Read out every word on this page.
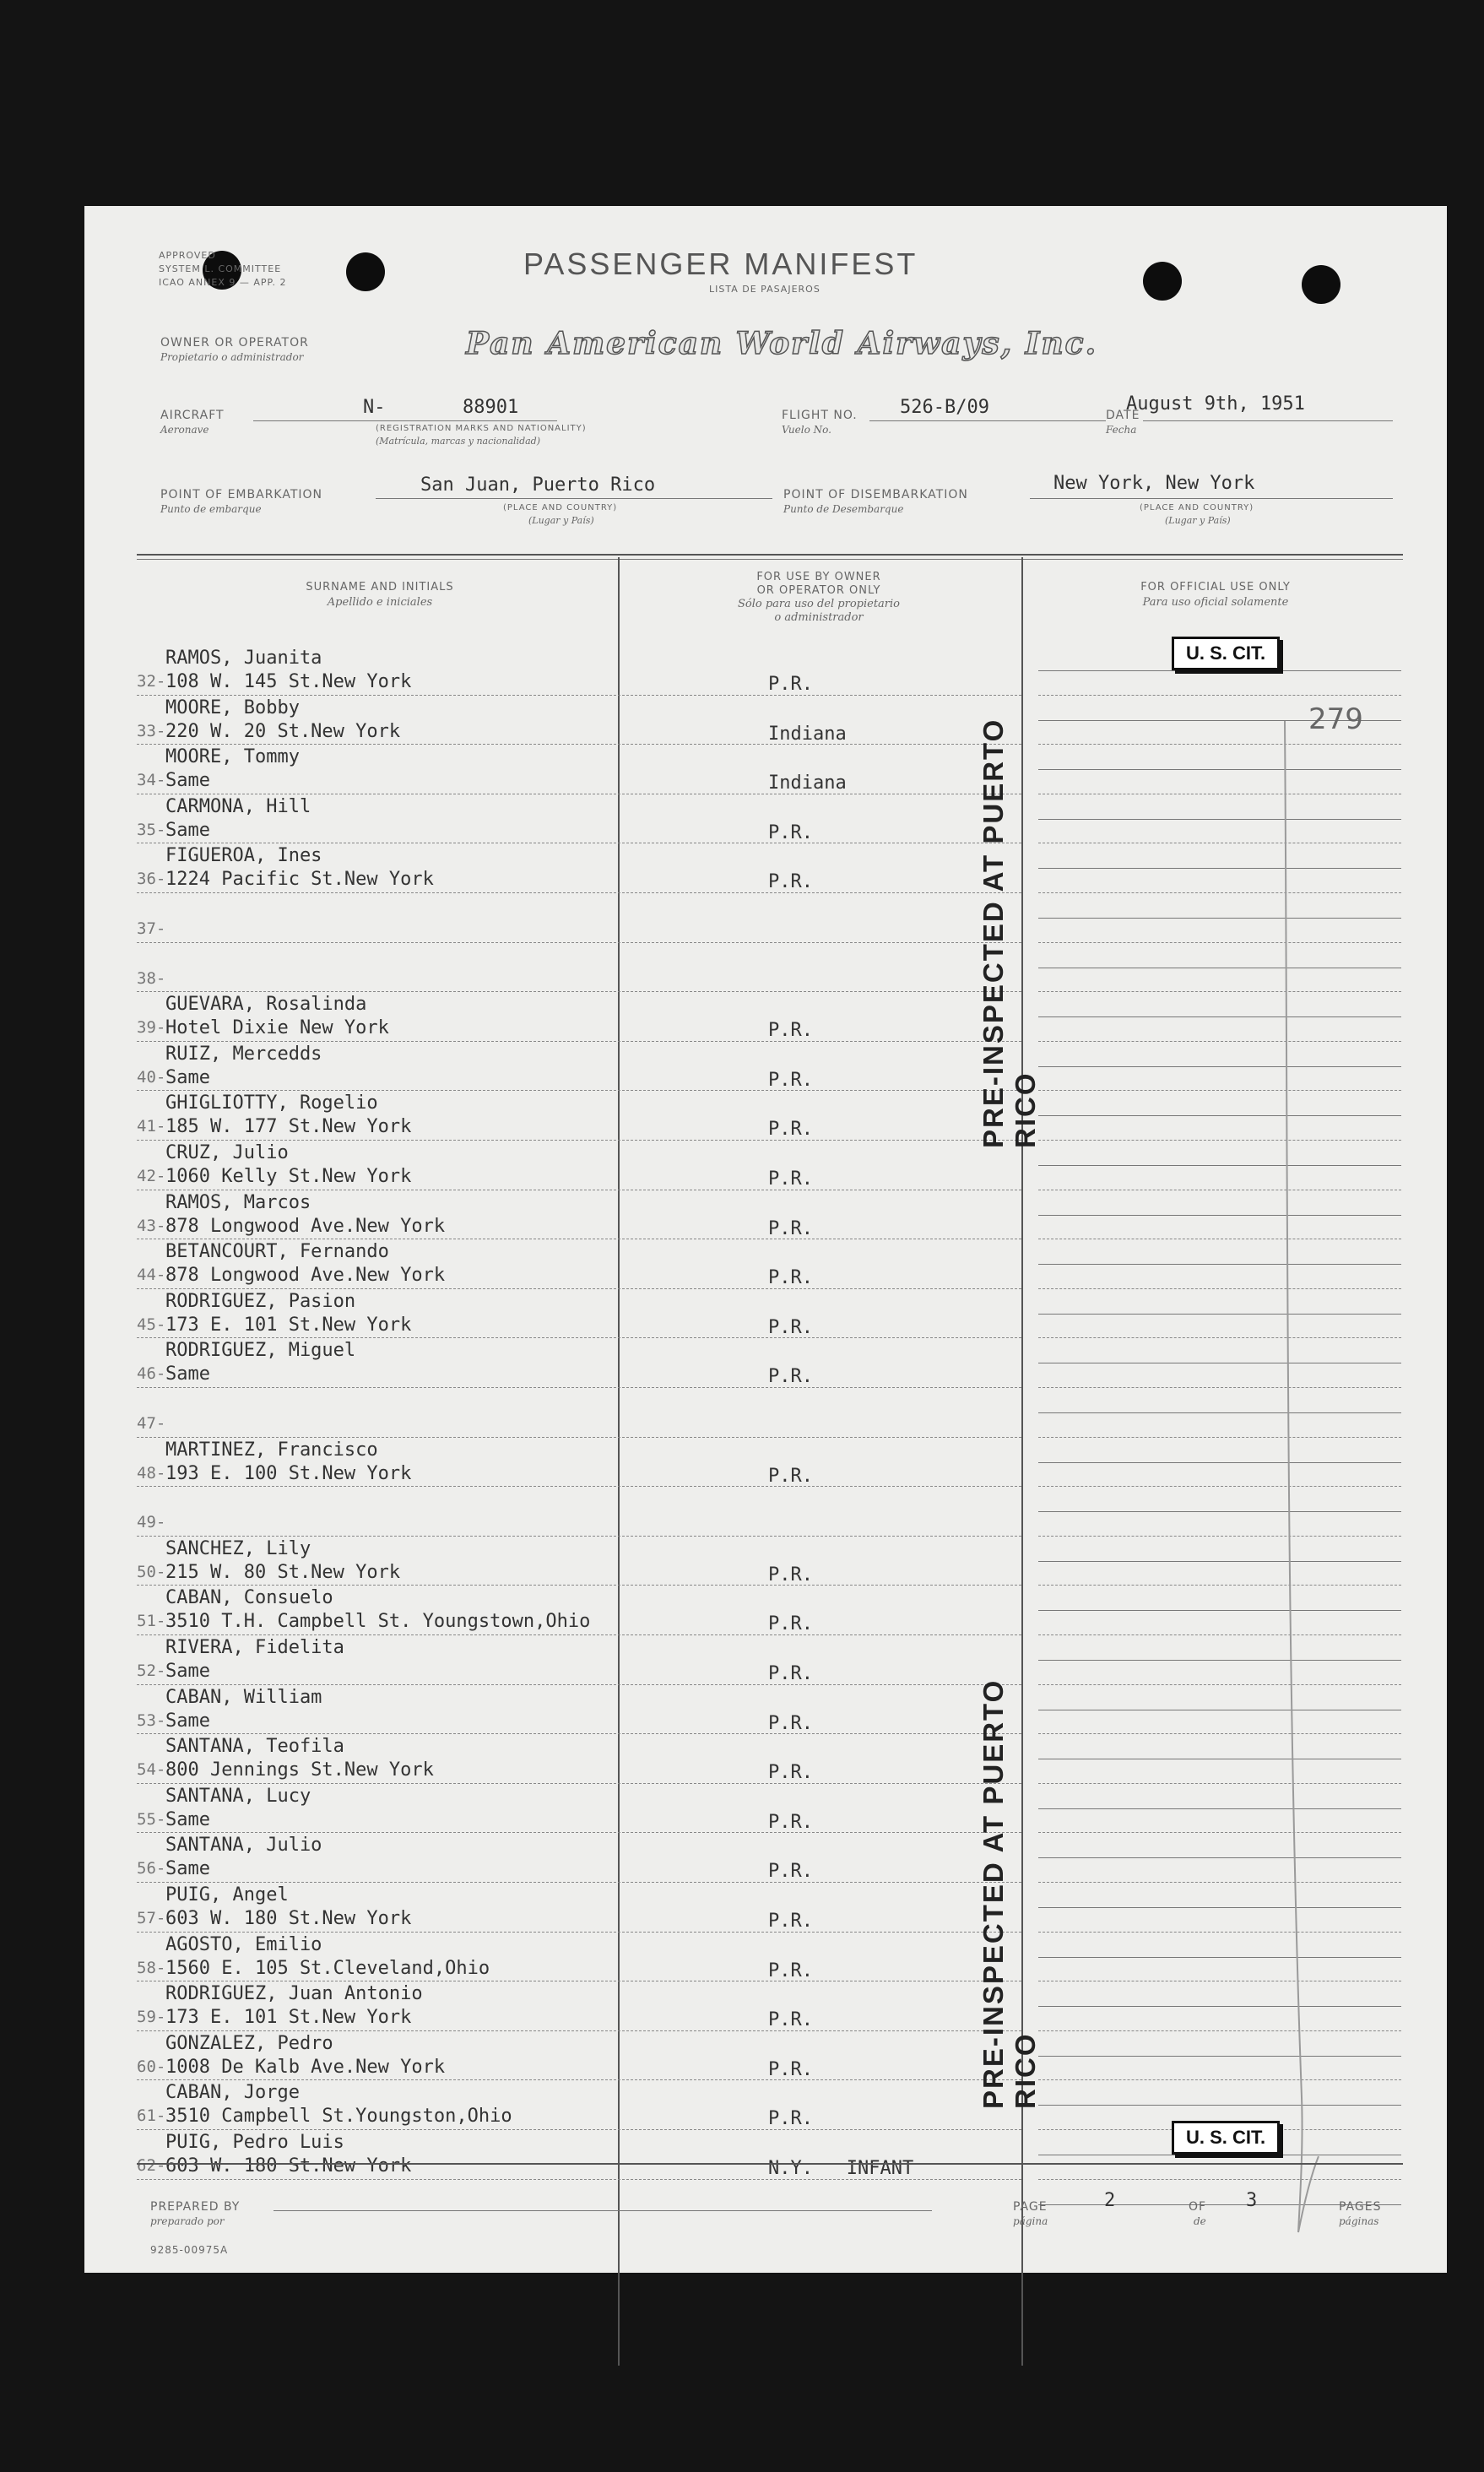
APPROVED
SYSTEM L. COMMITTEE
ICAO ANNEX 9 — APP. 2
PASSENGER MANIFEST
LISTA DE PASAJEROS
OWNER OR OPERATOR
Propietario o administrador	Pan American World Airways, Inc.
AIRCRAFT
Aeronave
N-	88901
(REGISTRATION MARKS AND NATIONALITY)
(Matrícula, marcas y nacionalidad)
FLIGHT NO.
Vuelo No.
526-B/09	DATE
Fecha
August 9th, 1951
POINT OF EMBARKATION
Punto de embarque
San Juan, Puerto Rico
(PLACE AND COUNTRY)
(Lugar y País)
POINT OF DISEMBARKATION
Punto de Desembarque
New York, New York
(PLACE AND COUNTRY)
(Lugar y País)
SURNAME AND INITIALS
Apellido e iniciales
FOR USE BY OWNER
OR OPERATOR ONLY
Sólo para uso del propietario
o administrador
FOR OFFICIAL USE ONLY
Para uso oficial solamente
32-
RAMOS, Juanita
108 W. 145 St.New York	P.R.
33-
MOORE, Bobby
220 W. 20 St.New York	Indiana
34-
MOORE, Tommy
Same	Indiana
35-
CARMONA, Hill
Same	P.R.
36-
FIGUEROA, Ines
1224 Pacific St.New York	P.R.
37-
38-
39-
GUEVARA, Rosalinda
Hotel Dixie New York	P.R.
40-
RUIZ, Mercedds
Same	P.R.
41-
GHIGLIOTTY, Rogelio
185 W. 177 St.New York	P.R.
42-
CRUZ, Julio
1060 Kelly St.New York	P.R.
43-
RAMOS, Marcos
878 Longwood Ave.New York	P.R.
44-
BETANCOURT, Fernando
878 Longwood Ave.New York	P.R.
45-
RODRIGUEZ, Pasion
173 E. 101 St.New York	P.R.
46-
RODRIGUEZ, Miguel
Same	P.R.
47-
48-
MARTINEZ, Francisco
193 E. 100 St.New York	P.R.
49-
50-
SANCHEZ, Lily
215 W. 80 St.New York	P.R.
51-
CABAN, Consuelo
3510 T.H. Campbell St. Youngstown,Ohio	P.R.
52-
RIVERA, Fidelita
Same	P.R.
53-
CABAN, William
Same	P.R.
54-
SANTANA, Teofila
800 Jennings St.New York	P.R.
55-
SANTANA, Lucy
Same	P.R.
56-
SANTANA, Julio
Same	P.R.
57-
PUIG, Angel
603 W. 180 St.New York	P.R.
58-
AGOSTO, Emilio
1560 E. 105 St.Cleveland,Ohio	P.R.
59-
RODRIGUEZ, Juan Antonio
173 E. 101 St.New York	P.R.
60-
GONZALEZ, Pedro
1008 De Kalb Ave.New York	P.R.
61-
CABAN, Jorge
3510 Campbell St.Youngston,Ohio	P.R.
62-
PUIG, Pedro Luis
603 W. 180 St.New York	N.Y.   INFANT
PRE-INSPECTED AT PUERTO RICO
PRE-INSPECTED AT PUERTO RICO
U. S. CIT.
U. S. CIT.
279
PREPARED BY
preparado por
PAGE
página
2	OF
de
3	PAGES
páginas
9285-00975A
